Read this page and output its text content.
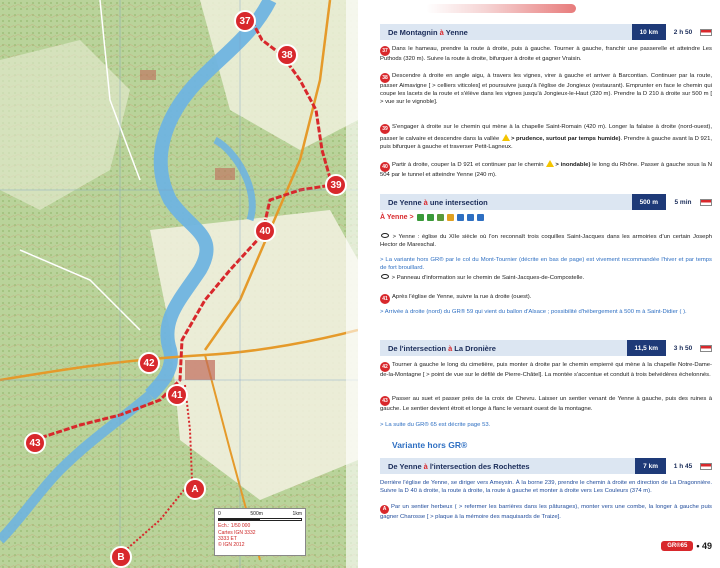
37
38
39
40
41
42
43
A
B
0	500m	1km
Ech.: 1/50 000
Cartes IGN 3332
3333 ET
© IGN 2012
De Montagnin à Yenne	10 km	2 h 50
37 Dans le hameau, prendre la route à droite, puis à gauche. Tourner à gauche, franchir une passerelle et atteindre Les Puthods (320 m). Suivre la route à droite, bifurquer à droite et gagner Vraisin.
38 Descendre à droite en angle aigu, à travers les vignes, virer à gauche et arriver à Barcontian. Continuer par la route, passer Aimavigne [ > celliers viticoles] et poursuivre jusqu'à l'église de Jongieux (restaurant). Emprunter en face le chemin qui coupe les lacets de la route et s'élève dans les vignes jusqu'à Jongieux-le-Haut (320 m). Prendre la D 210 à droite sur 500 m [ > vue sur le vignoble].
39 S'engager à droite sur le chemin qui mène à la chapelle Saint-Romain (420 m). Longer la falaise à droite (nord-ouest), passer le calvaire et descendre dans la vallée > prudence, surtout par temps humide). Prendre à gauche avant la D 921, puis bifurquer à gauche et traverser Petit-Lagneux.
40 Partir à droite, couper la D 921 et continuer par le chemin > inondable) le long du Rhône. Passer à gauche sous la N 504 par le tunnel et atteindre Yenne (240 m).
De Yenne à une intersection	500 m	5 min
À Yenne >
> Yenne : église du XIIe siècle où l'on reconnaît trois coquilles Saint-Jacques dans les armoiries d'un certain Joseph Hector de Mareschal.
> La variante hors GR® par le col du Mont-Tournier (décrite en bas de page) est vivement recommandée l'hiver et par temps de fort brouillard.
> Panneau d'information sur le chemin de Saint-Jacques-de-Compostelle.
41 Après l'église de Yenne, suivre la rue à droite (ouest).
> Arrivée à droite (nord) du GR® 59 qui vient du ballon d'Alsace ; possibilité d'hébergement à 500 m à Saint-Didier ( ).
De l'intersection à La Dronière	11,5 km	3 h 50
42 Tourner à gauche le long du cimetière, puis monter à droite par le chemin empierré qui mène à la chapelle Notre-Dame-de-la-Montagne [ > point de vue sur le défilé de Pierre-Châtel]. La montée s'accentue et conduit à trois belvédères échelonnés.
43 Passer au suet et passer près de la croix de Chevru. Laisser un sentier venant de Yenne à gauche, puis des ruines à gauche. Le sentier devient étroit et longe à flanc le versant ouest de la montagne.
> La suite du GR® 65 est décrite page 53.
Variante hors GR®
De Yenne à l'intersection des Rochettes	7 km	1 h 45
Derrière l'église de Yenne, se diriger vers Ameysin. À la borne 239, prendre le chemin à droite en direction de La Dragonnière. Suivre la D 40 à droite, la route à droite, la route à gauche et monter à droite vers Les Couleurs (374 m).
A Par un sentier herbeux ( > refermer les barrières dans les pâturages), monter vers une combe, la longer à gauche puis gagner Charosse [ > plaque à la mémoire des maquisards de Traize].
GR®65	• 49
